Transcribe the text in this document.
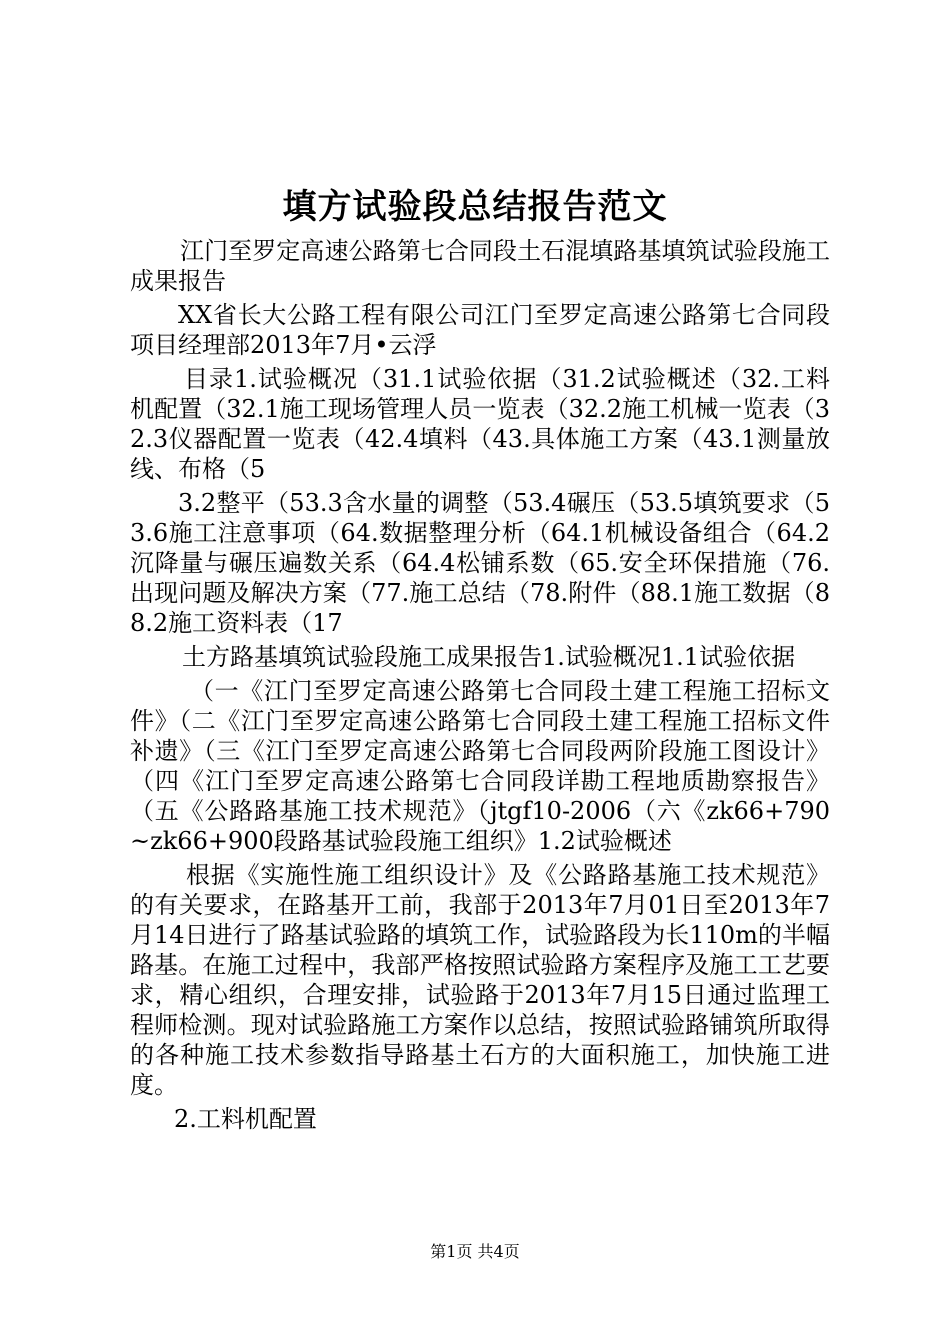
填方试验段总结报告范文

江门至罗定高速公路第七合同段土石混填路基填筑试验段施工成果报告

XX省长大公路工程有限公司江门至罗定高速公路第七合同段项目经理部2013年7月•云浮

目录1.试验概况（31.1试验依据（31.2试验概述（32.工料机配置（32.1施工现场管理人员一览表（32.2施工机械一览表（32.3仪器配置一览表（42.4填料（43.具体施工方案（43.1测量放线、布格（5

3.2整平（53.3含水量的调整（53.4碾压（53.5填筑要求（53.6施工注意事项（64.数据整理分析（64.1机械设备组合（64.2沉降量与碾压遍数关系（64.4松铺系数（65.安全环保措施（76.出现问题及解决方案（77.施工总结（78.附件（88.1施工数据（88.2施工资料表（17

土方路基填筑试验段施工成果报告1.试验概况1.1试验依据

（一《江门至罗定高速公路第七合同段土建工程施工招标文件》（二《江门至罗定高速公路第七合同段土建工程施工招标文件补遗》（三《江门至罗定高速公路第七合同段两阶段施工图设计》（四《江门至罗定高速公路第七合同段详勘工程地质勘察报告》（五《公路路基施工技术规范》（jtgf10-2006（六《zk66+790~zk66+900段路基试验段施工组织》1.2试验概述

根据《实施性施工组织设计》及《公路路基施工技术规范》的有关要求，在路基开工前，我部于2013年7月01日至2013年7月14日进行了路基试验路的填筑工作，试验路段为长110m的半幅路基。在施工过程中，我部严格按照试验路方案程序及施工工艺要求，精心组织，合理安排，试验路于2013年7月15日通过监理工程师检测。现对试验路施工方案作以总结，按照试验路铺筑所取得的各种施工技术参数指导路基土石方的大面积施工，加快施工进度。

2.工料机配置

第1页 共4页
